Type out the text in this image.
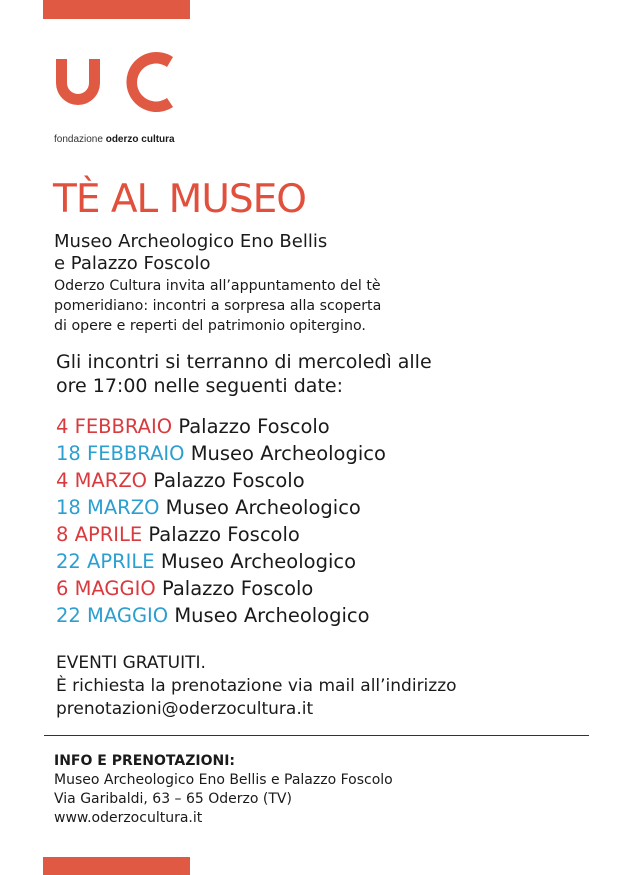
fondazione oderzo cultura
TÈ AL MUSEO
Museo Archeologico Eno Bellis
e Palazzo Foscolo
Oderzo Cultura invita all’appuntamento del tè
pomeridiano: incontri a sorpresa alla scoperta
di opere e reperti del patrimonio opitergino.
Gli incontri si terranno di mercoledì alle
ore 17:00 nelle seguenti date:
4 FEBBRAIO Palazzo Foscolo
18 FEBBRAIO Museo Archeologico
4 MARZO Palazzo Foscolo
18 MARZO Museo Archeologico
8 APRILE Palazzo Foscolo
22 APRILE Museo Archeologico
6 MAGGIO Palazzo Foscolo
22 MAGGIO Museo Archeologico
EVENTI GRATUITI.
È richiesta la prenotazione via mail all’indirizzo
prenotazioni@oderzocultura.it
INFO E PRENOTAZIONI:
Museo Archeologico Eno Bellis e Palazzo Foscolo
Via Garibaldi, 63 – 65 Oderzo (TV)
www.oderzocultura.it
